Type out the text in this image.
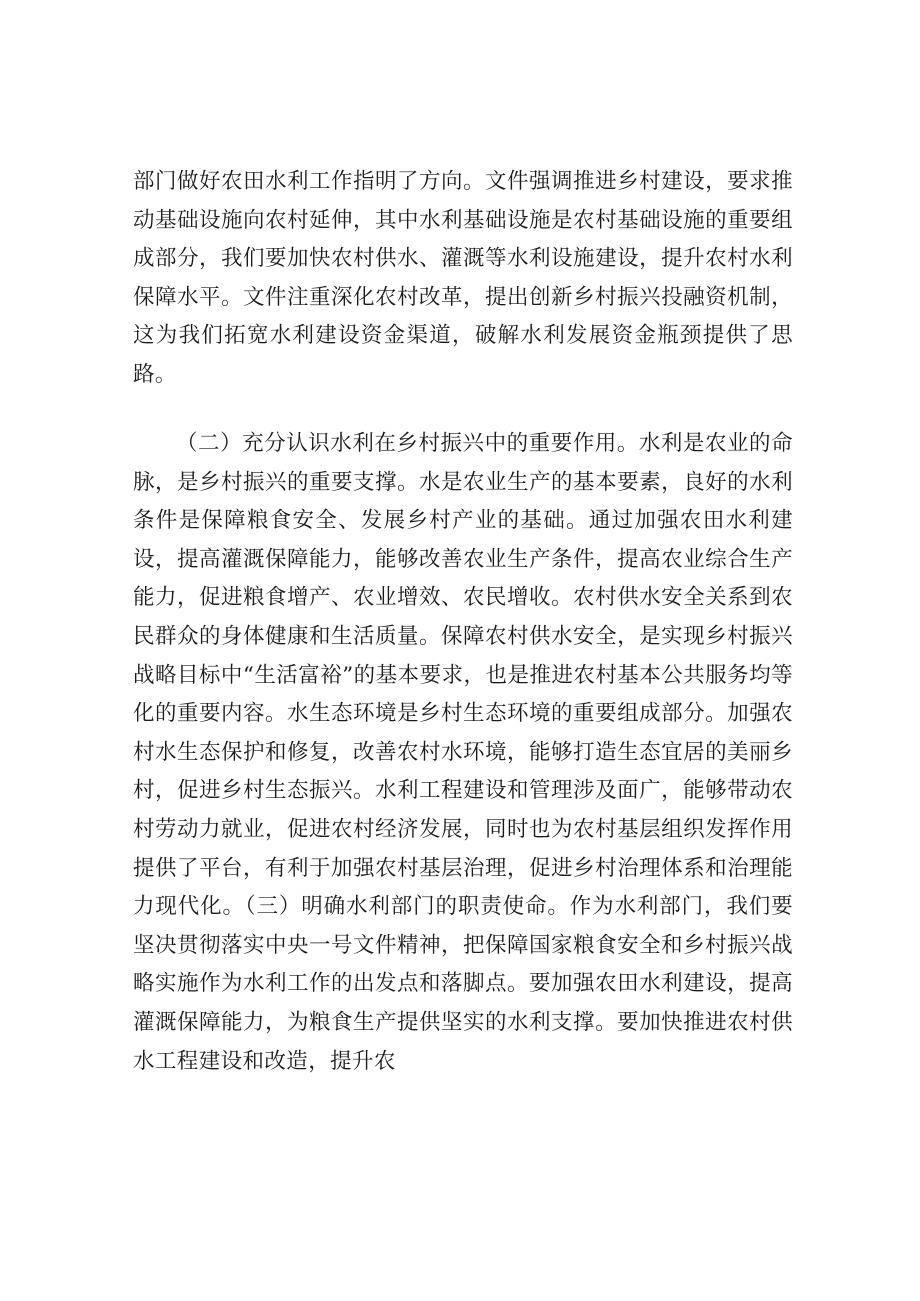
部门做好农田水利工作指明了方向。文件强调推进乡村建设，要求推动基础设施向农村延伸，其中水利基础设施是农村基础设施的重要组成部分，我们要加快农村供水、灌溉等水利设施建设，提升农村水利保障水平。文件注重深化农村改革，提出创新乡村振兴投融资机制，这为我们拓宽水利建设资金渠道，破解水利发展资金瓶颈提供了思路。

（二）充分认识水利在乡村振兴中的重要作用。水利是农业的命脉，是乡村振兴的重要支撑。水是农业生产的基本要素，良好的水利条件是保障粮食安全、发展乡村产业的基础。通过加强农田水利建设，提高灌溉保障能力，能够改善农业生产条件，提高农业综合生产能力，促进粮食增产、农业增效、农民增收。农村供水安全关系到农民群众的身体健康和生活质量。保障农村供水安全，是实现乡村振兴战略目标中“生活富裕”的基本要求，也是推进农村基本公共服务均等化的重要内容。水生态环境是乡村生态环境的重要组成部分。加强农村水生态保护和修复，改善农村水环境，能够打造生态宜居的美丽乡村，促进乡村生态振兴。水利工程建设和管理涉及面广，能够带动农村劳动力就业，促进农村经济发展，同时也为农村基层组织发挥作用提供了平台，有利于加强农村基层治理，促进乡村治理体系和治理能力现代化。（三）明确水利部门的职责使命。作为水利部门，我们要坚决贯彻落实中央一号文件精神，把保障国家粮食安全和乡村振兴战略实施作为水利工作的出发点和落脚点。要加强农田水利建设，提高灌溉保障能力，为粮食生产提供坚实的水利支撑。要加快推进农村供水工程建设和改造，提升农
